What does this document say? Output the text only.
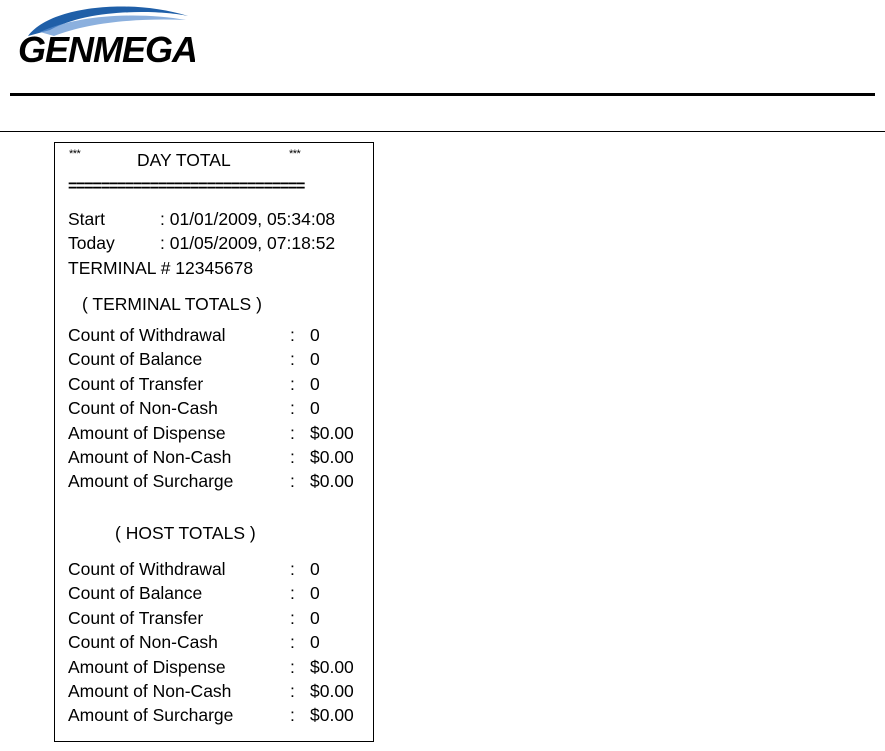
GENMEGA
***	DAY TOTAL	***
=============================
Start	: 01/01/2009, 05:34:08
Today	: 01/05/2009, 07:18:52
TERMINAL # 12345678
( TERMINAL TOTALS )
Count of Withdrawal	: 0
Count of Balance	: 0
Count of Transfer	: 0
Count of Non-Cash	: 0
Amount of Dispense	: $0.00
Amount of Non-Cash	: $0.00
Amount of Surcharge	: $0.00
( HOST TOTALS )
Count of Withdrawal	: 0
Count of Balance	: 0
Count of Transfer	: 0
Count of Non-Cash	: 0
Amount of Dispense	: $0.00
Amount of Non-Cash	: $0.00
Amount of Surcharge	: $0.00
